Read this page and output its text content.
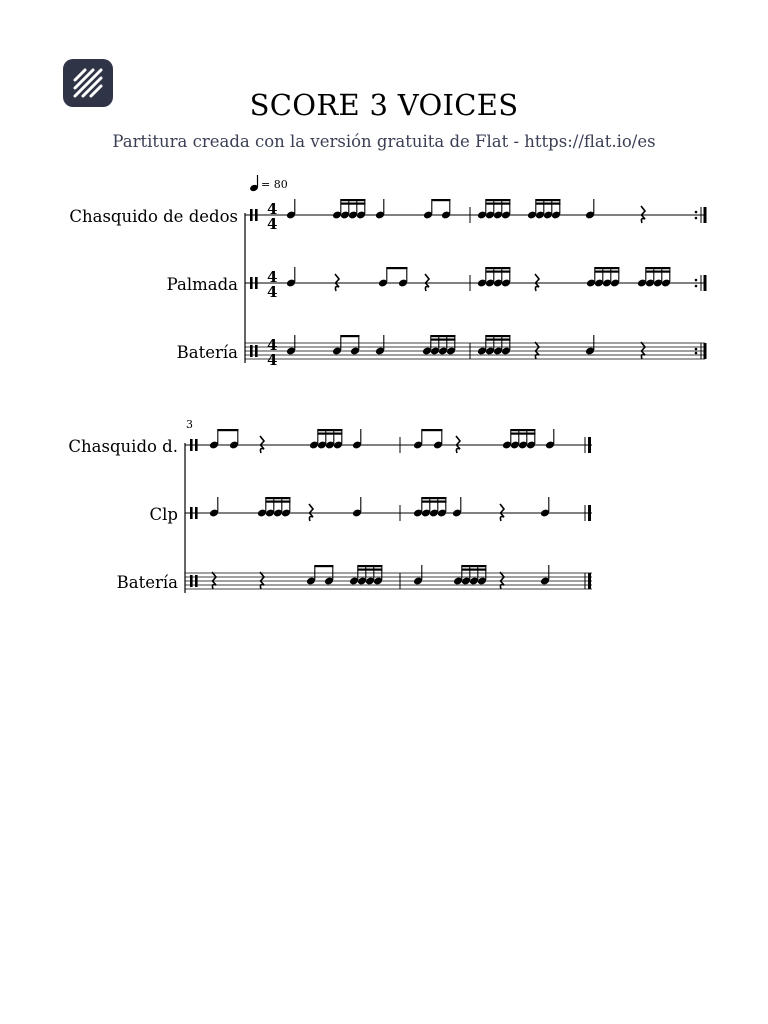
SCORE 3 VOICES
Partitura creada con la versión gratuita de Flat - https://flat.io/es
= 80
Chasquido de dedos
Palmada
Batería
3
Chasquido d.
Clp
Batería
4
4
4
4
4
4
